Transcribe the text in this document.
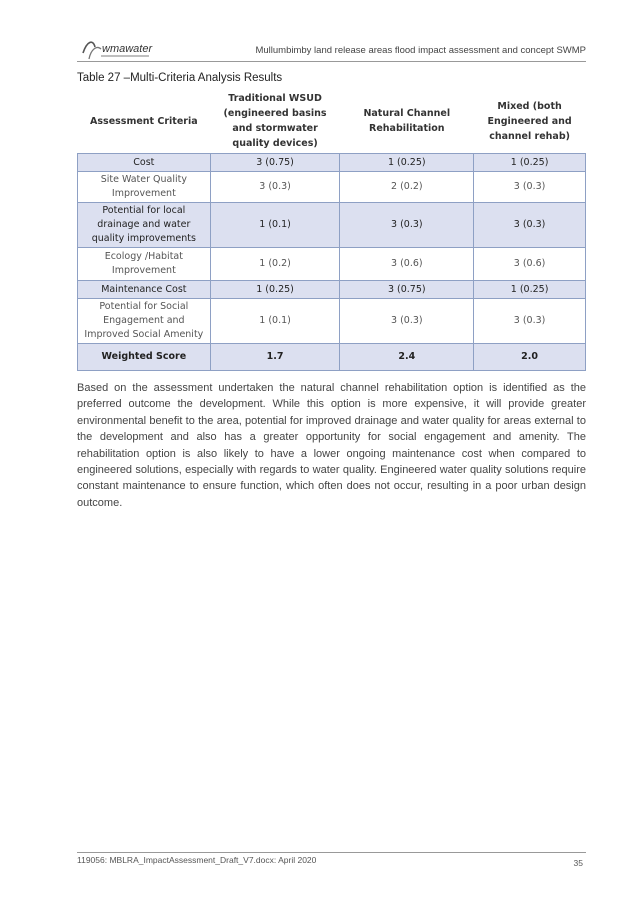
wmawater	Mullumbimby land release areas flood impact assessment and concept SWMP
Table 27 –Multi-Criteria Analysis Results
Assessment Criteria	Traditional WSUD (engineered basins and stormwater quality devices)	Natural Channel Rehabilitation	Mixed (both Engineered and channel rehab)
Cost	3 (0.75)	1 (0.25)	1 (0.25)
Site Water Quality Improvement	3 (0.3)	2 (0.2)	3 (0.3)
Potential for local drainage and water quality improvements	1 (0.1)	3 (0.3)	3 (0.3)
Ecology /Habitat Improvement	1 (0.2)	3 (0.6)	3 (0.6)
Maintenance Cost	1 (0.25)	3 (0.75)	1 (0.25)
Potential for Social Engagement and Improved Social Amenity	1 (0.1)	3 (0.3)	3 (0.3)
Weighted Score	1.7	2.4	2.0
Based on the assessment undertaken the natural channel rehabilitation option is identified as the preferred outcome the development. While this option is more expensive, it will provide greater environmental benefit to the area, potential for improved drainage and water quality for areas external to the development and also has a greater opportunity for social engagement and amenity. The rehabilitation option is also likely to have a lower ongoing maintenance cost when compared to engineered solutions, especially with regards to water quality. Engineered water quality solutions require constant maintenance to ensure function, which often does not occur, resulting in a poor urban design outcome.
119056: MBLRA_ImpactAssessment_Draft_V7.docx: April 2020	35
